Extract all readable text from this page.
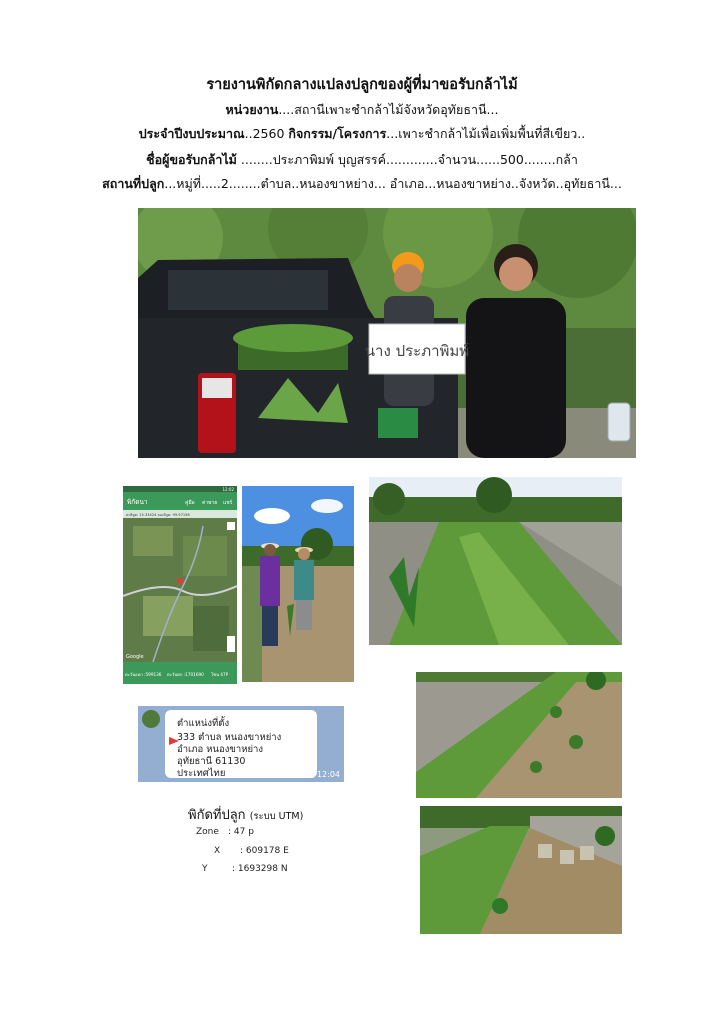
รายงานพิกัดกลางแปลงปลูกของผู้ที่มาขอรับกล้าไม้
หน่วยงาน....สถานีเพาะชำกล้าไม้จังหวัดอุทัยธานี...
ประจำปีงบประมาณ..2560 กิจกรรม/โครงการ...เพาะชำกล้าไม้เพื่อเพิ่มพื้นที่สีเขียว..
ชื่อผู้ขอรับกล้าไม้ ........ประภาพิมพ์ บุญสรรค์.............จำนวน......500........กล้า
สถานที่ปลูก...หมู่ที่.....2........ตำบล..หนองขาหย่าง... อำเภอ...หนองขาหย่าง..จังหวัด..อุทัยธานี...
นาง ประภาพิมพ์
12:02
พิกัดนา	คู่มือ ค่าพาย แชร์
ละติจูด: 15.33424 ลองจิจูด: 99.97156
Google
ตะวันออก :599136 ตะวันตก :1701690 โซน 47P
ตำแหน่งที่ตั้ง
333 ตำบล หนองขาหย่าง
อำเภอ หนองขาหย่าง
อุทัยธานี 61130
ประเทศไทย	12:04
พิกัดที่ปลูก (ระบบ UTM)
Zone : 47 p
X : 609178 E
Y	: 1693298 N
